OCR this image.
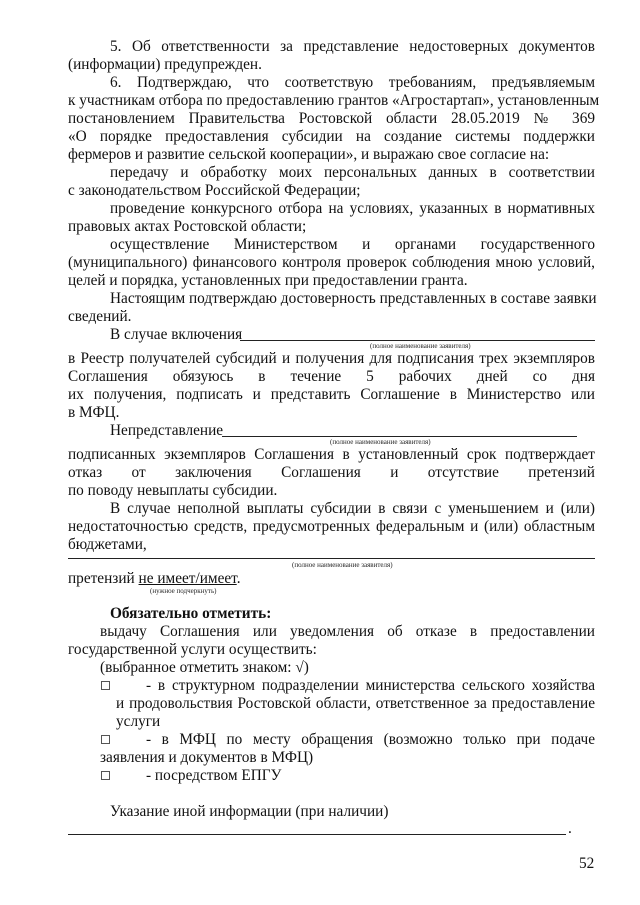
5. Об ответственности за представление недостоверных документов
(информации) предупрежден.
6. Подтверждаю, что соответствую требованиям, предъявляемым
к участникам отбора по предоставлению грантов «Агростартап», установленным
постановлением Правительства Ростовской области 28.05.2019 № 369
«О порядке предоставления субсидии на создание системы поддержки
фермеров и развитие сельской кооперации», и выражаю свое согласие на:
передачу и обработку моих персональных данных в соответствии
с законодательством Российской Федерации;
проведение конкурсного отбора на условиях, указанных в нормативных
правовых актах Ростовской области;
осуществление Министерством и органами государственного
(муниципального) финансового контроля проверок соблюдения мною условий,
целей и порядка, установленных при предоставлении гранта.
Настоящим подтверждаю достоверность представленных в составе заявки
сведений.
В случае включения
(полное наименование заявителя)
в Реестр получателей субсидий и получения для подписания трех экземпляров
Соглашения обязуюсь в течение 5 рабочих дней со дня
их получения, подписать и представить Соглашение в Министерство или
в МФЦ.
Непредставление
(полное наименование заявителя)
подписанных экземпляров Соглашения в установленный срок подтверждает
отказ от заключения Соглашения и отсутствие претензий
по поводу невыплаты субсидии.
В случае неполной выплаты субсидии в связи с уменьшением и (или)
недостаточностью средств, предусмотренных федеральным и (или) областным
бюджетами,
(полное наименование заявителя)
претензий не имеет/имеет.
(нужное подчеркнуть)
Обязательно отметить:
выдачу Соглашения или уведомления об отказе в предоставлении
государственной услуги осуществить:
(выбранное отметить знаком: √)
- в структурном подразделении министерства сельского хозяйства
и продовольствия Ростовской области, ответственное за предоставление
услуги
- в МФЦ по месту обращения (возможно только при подаче
заявления и документов в МФЦ)
- посредством ЕПГУ
Указание иной информации (при наличии)
.
52
